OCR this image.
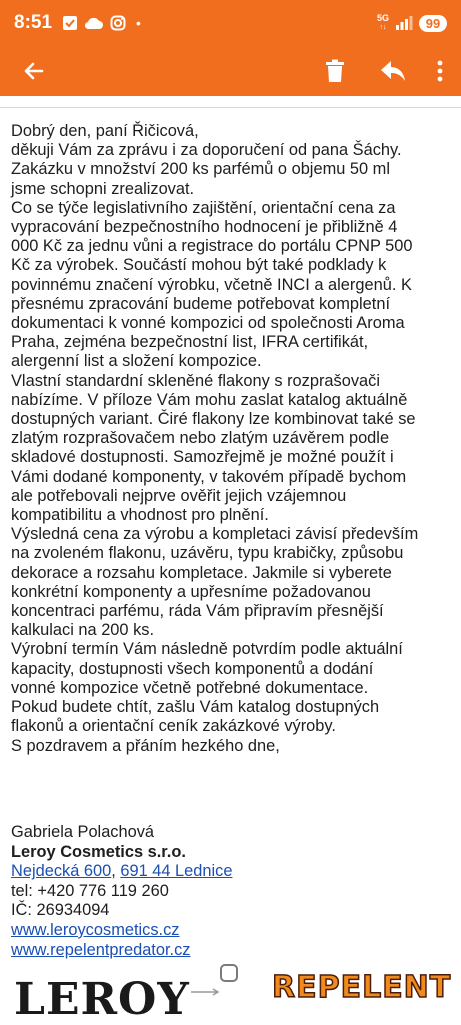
8:51	•	5G
↑↓	99

Dobrý den, paní Řičicová,

děkuji Vám za zprávu i za doporučení od pana Šáchy.

Zakázku v množství 200 ks parfémů o objemu 50 ml

jsme schopni zrealizovat.

Co se týče legislativního zajištění, orientační cena za

vypracování bezpečnostního hodnocení je přibližně 4

000 Kč za jednu vůni a registrace do portálu CPNP 500

Kč za výrobek. Součástí mohou být také podklady k

povinnému značení výrobku, včetně INCI a alergenů. K

přesnému zpracování budeme potřebovat kompletní

dokumentaci k vonné kompozici od společnosti Aroma

Praha, zejména bezpečnostní list, IFRA certifikát,

alergenní list a složení kompozice.

Vlastní standardní skleněné flakony s rozprašovači

nabízíme. V příloze Vám mohu zaslat katalog aktuálně

dostupných variant. Čiré flakony lze kombinovat také se

zlatým rozprašovačem nebo zlatým uzávěrem podle

skladové dostupnosti. Samozřejmě je možné použít i

Vámi dodané komponenty, v takovém případě bychom

ale potřebovali nejprve ověřit jejich vzájemnou

kompatibilitu a vhodnost pro plnění.

Výsledná cena za výrobu a kompletaci závisí především

na zvoleném flakonu, uzávěru, typu krabičky, způsobu

dekorace a rozsahu kompletace. Jakmile si vyberete

konkrétní komponenty a upřesníme požadovanou

koncentraci parfému, ráda Vám připravím přesnější

kalkulaci na 200 ks.

Výrobní termín Vám následně potvrdím podle aktuální

kapacity, dostupnosti všech komponentů a dodání

vonné kompozice včetně potřebné dokumentace.

Pokud budete chtít, zašlu Vám katalog dostupných

flakonů a orientační ceník zakázkové výroby.

S pozdravem a přáním hezkého dne,

Gabriela Polachová

Leroy Cosmetics s.r.o.

Nejdecká 600, 691 44 Lednice

tel: +420 776 119 260

IČ: 26934094

www.leroycosmetics.cz

www.repelentpredator.cz

LEROY	REPELENT
